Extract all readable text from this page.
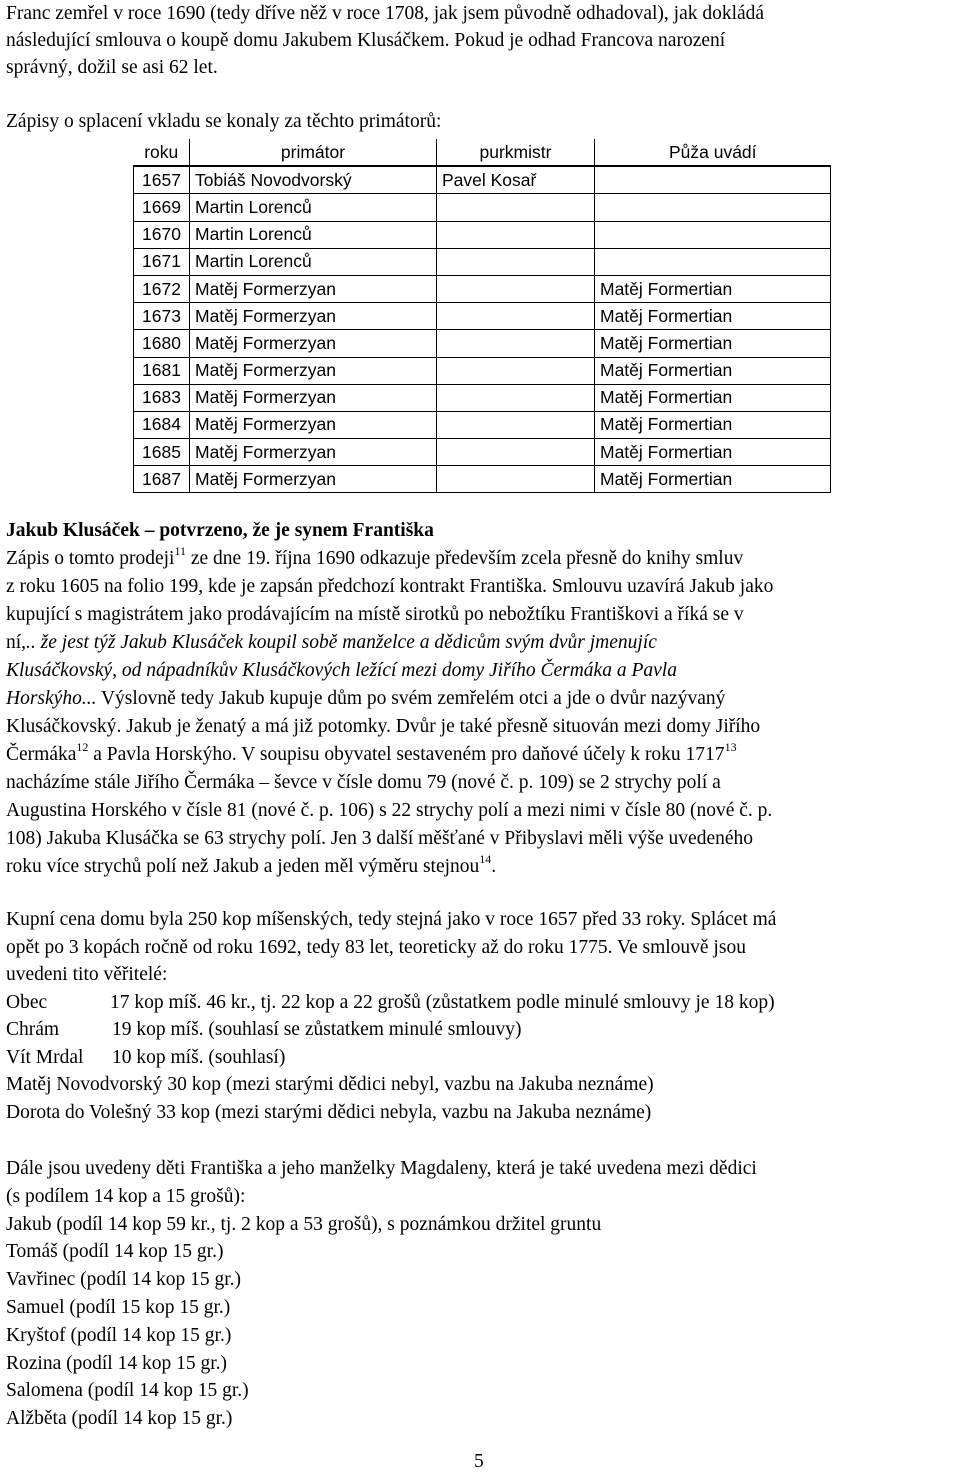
Franc zemřel v roce 1690 (tedy dříve něž v roce 1708, jak jsem původně odhadoval), jak dokládá
následující smlouva o koupě domu Jakubem Klusáčkem. Pokud je odhad Francova narození
správný, dožil se asi 62 let.
Zápisy o splacení vkladu se konaly za těchto primátorů:
roku	primátor	purkmistr	Půža uvádí
1657	Tobiáš Novodvorský	Pavel Kosař	
1669	Martin Lorenců		
1670	Martin Lorenců		
1671	Martin Lorenců		
1672	Matěj Formerzyan		Matěj Formertian
1673	Matěj Formerzyan		Matěj Formertian
1680	Matěj Formerzyan		Matěj Formertian
1681	Matěj Formerzyan		Matěj Formertian
1683	Matěj Formerzyan		Matěj Formertian
1684	Matěj Formerzyan		Matěj Formertian
1685	Matěj Formerzyan		Matěj Formertian
1687	Matěj Formerzyan		Matěj Formertian
Jakub Klusáček – potvrzeno, že je synem Františka
Zápis o tomto prodeji$^{11}$ ze dne 19. října 1690 odkazuje především zcela přesně do knihy smluv
z roku 1605 na folio 199, kde je zapsán předchozí kontrakt Františka. Smlouvu uzavírá Jakub jako
kupující s magistrátem jako prodávajícím na místě sirotků po nebožtíku Františkovi a říká se v
ní,.. že jest týž Jakub Klusáček koupil sobě manželce a dědicům svým dvůr jmenujíc
Klusáčkovský, od nápadníkův Klusáčkových ležící mezi domy Jiřího Čermáka a Pavla
Horskýho... Výslovně tedy Jakub kupuje dům po svém zemřelém otci a jde o dvůr nazývaný
Klusáčkovský. Jakub je ženatý a má již potomky. Dvůr je také přesně situován mezi domy Jiřího
Čermáka$^{12}$ a Pavla Horskýho. V soupisu obyvatel sestaveném pro daňové účely k roku 1717$^{13}$
nacházíme stále Jiřího Čermáka – ševce v čísle domu 79 (nové č. p. 109) se 2 strychy polí a
Augustina Horského v čísle 81 (nové č. p. 106) s 22 strychy polí a mezi nimi v čísle 80 (nové č. p.
108) Jakuba Klusáčka se 63 strychy polí. Jen 3 další měšťané v Přibyslavi měli výše uvedeného
roku více strychů polí než Jakub a jeden měl výměru stejnou$^{14}$.
Kupní cena domu byla 250 kop míšenských, tedy stejná jako v roce 1657 před 33 roky. Splácet má
opět po 3 kopách ročně od roku 1692, tedy 83 let, teoreticky až do roku 1775. Ve smlouvě jsou
uvedeni tito věřitelé:
Obec	17 kop míš. 46 kr., tj. 22 kop a 22 grošů (zůstatkem podle minulé smlouvy je 18 kop)
Chrám	19 kop míš. (souhlasí se zůstatkem minulé smlouvy)
Vít Mrdal 10 kop míš. (souhlasí)
Matěj Novodvorský 30 kop (mezi starými dědici nebyl, vazbu na Jakuba neznáme)
Dorota do Volešný 33 kop (mezi starými dědici nebyla, vazbu na Jakuba neznáme)
Dále jsou uvedeny děti Františka a jeho manželky Magdaleny, která je také uvedena mezi dědici
(s podílem 14 kop a 15 grošů):
Jakub (podíl 14 kop 59 kr., tj. 2 kop a 53 grošů), s poznámkou držitel gruntu
Tomáš (podíl 14 kop 15 gr.)
Vavřinec (podíl 14 kop 15 gr.)
Samuel (podíl 15 kop 15 gr.)
Kryštof (podíl 14 kop 15 gr.)
Rozina (podíl 14 kop 15 gr.)
Salomena (podíl 14 kop 15 gr.)
Alžběta (podíl 14 kop 15 gr.)
5
